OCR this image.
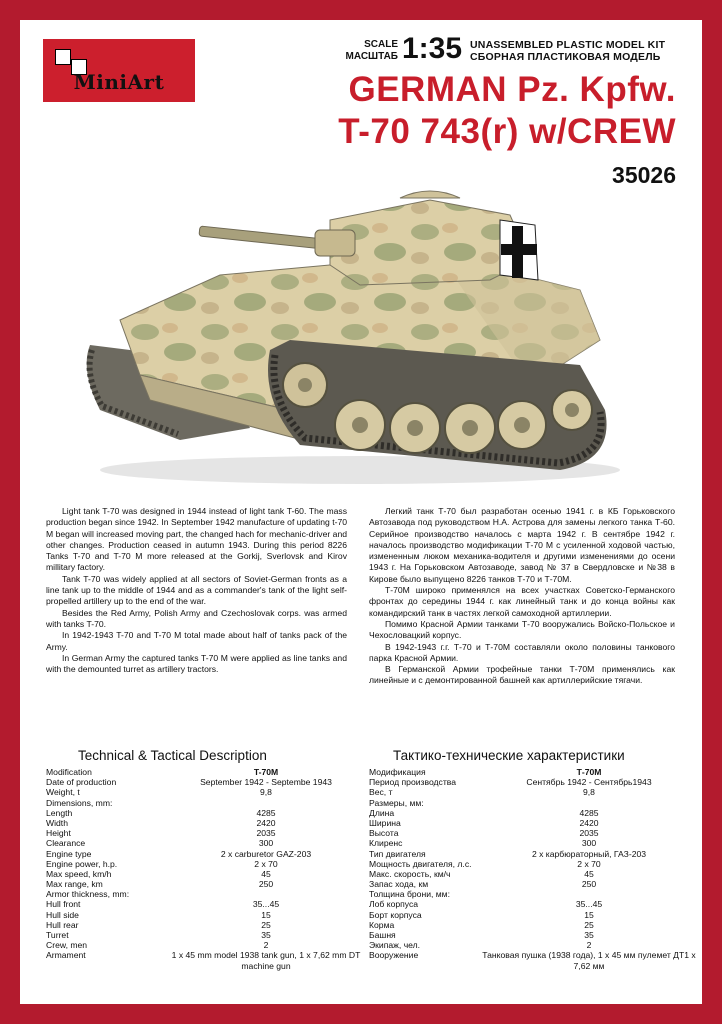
MiniArt
SCALE
МАСШТАБ 1:35 UNASSEMBLED PLASTIC MODEL KIT
СБОРНАЯ ПЛАСТИКОВАЯ МОДЕЛЬ
GERMAN Pz. Kpfw.
T-70 743(r) w/CREW
35026

Light tank T-70 was designed in 1944 instead of light tank T-60. The mass production began since 1942. In September 1942 manufacture of updating t-70 M began will increased moving part, the changed hach for mechanic-driver and other changes. Production ceased in autumn 1943. During this period 8226 Tanks T-70 and T-70 M more released at the Gorkij, Sverlovsk and Kirov millitary factory.

Tank T-70 was widely applied at all sectors of Soviet-German fronts as a line tank up to the middle of 1944 and as a commander's tank of the light self-propelled artillery up to the end of the war.

Besides the Red Army, Polish Army and Czechoslovak corps. was armed with tanks T-70.

In 1942-1943 T-70 and T-70 M total made about half of tanks pack of the Army.

In German Army the captured tanks T-70 M were applied as line tanks and with the demounted turret as artillery tractors.

Легкий танк Т-70 был разработан осенью 1941 г. в КБ Горьковского Автозавода под руководством Н.А. Астрова для замены легкого танка Т-60. Серийное производство началось с марта 1942 г. В сентябре 1942 г. началось производство модификации Т-70 М с усиленной ходовой частью, измененным люком механика-водителя и другими изменениями до осени 1943 г. На Горьковском Автозаводе, завод № 37 в Свердловске и №38 в Кирове было выпущено 8226 танков Т-70 и Т-70М.

Т-70М широко применялся на всех участках Советско-Германского фронтах до середины 1944 г. как линейный танк и до конца войны как командирский танк в частях легкой самоходной артиллерии.

Помимо Красной Армии танками Т-70 вооружались Войско-Польское и Чехословацкий корпус.

В 1942-1943 г.г. Т-70 и Т-70М составляли около половины танкового парка Красной Армии.

В Германской Армии трофейные танки Т-70М применялись как линейные и с демонтированной башней как артиллерийские тягачи.

Technical & Tactical Description	Тактико-технические характеристики
Modification	T-70M
Date of production	September 1942 - Septembe 1943
Weight, t	9,8
Dimensions, mm:
Length	4285
Width	2420
Height	2035
Clearance	300
Engine type	2 x carburetor GAZ-203
Engine power, h.p.	2 x 70
Max speed, km/h	45
Max range, km	250
Armor thickness, mm:
Hull front	35...45
Hull side	15
Hull rear	25
Turret	35
Crew, men	2
Armament	1 x 45 mm model 1938 tank gun, 1 x 7,62 mm DT machine gun
Модификация	Т-70М
Период производства	Сентябрь 1942 - Сентябрь1943
Вес, т	9,8
Размеры, мм:
Длина	4285
Ширина	2420
Высота	2035
Клиренс	300
Тип двигателя	2 х карбюраторный, ГАЗ-203
Мощность двигателя, л.с.	2 х 70
Макс. скорость, км/ч	45
Запас хода, км	250
Толщина брони, мм:
Лоб корпуса	35...45
Борт корпуса	15
Корма	25
Башня	35
Экипаж, чел.	2
Вооружение	Танковая пушка (1938 года), 1 х 45 мм пулемет ДТ1 х 7,62 мм
